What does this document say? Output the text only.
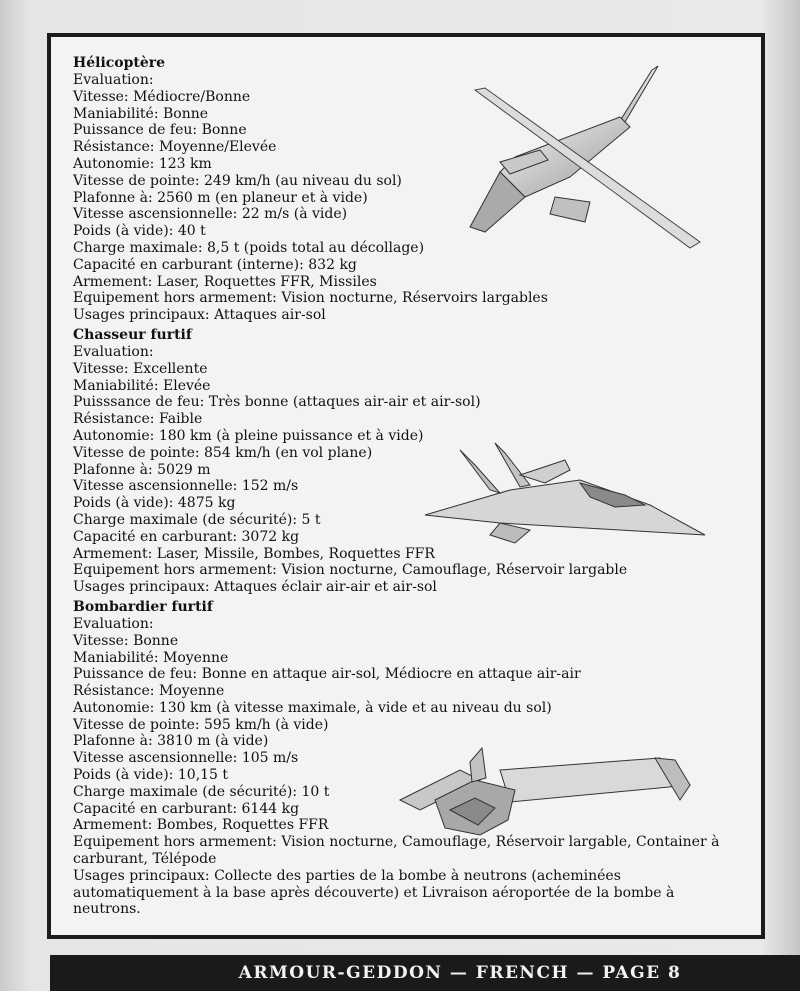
Hélicoptère

Evaluation:

Vitesse: Médiocre/Bonne

Maniabilité: Bonne

Puissance de feu: Bonne

Résistance: Moyenne/Elevée

Autonomie: 123 km

Vitesse de pointe: 249 km/h (au niveau du sol)

Plafonne à: 2560 m (en planeur et à vide)

Vitesse ascensionnelle: 22 m/s (à vide)

Poids (à vide): 40 t

Charge maximale: 8,5 t (poids total au décollage)

Capacité en carburant (interne): 832 kg

Armement: Laser, Roquettes FFR, Missiles

Equipement hors armement: Vision nocturne, Réservoirs largables

Usages principaux: Attaques air-sol

Chasseur furtif

Evaluation:

Vitesse: Excellente

Maniabilité: Elevée

Puisssance de feu: Très bonne (attaques air-air et air-sol)

Résistance: Faible

Autonomie: 180 km (à pleine puissance et à vide)

Vitesse de pointe: 854 km/h (en vol plane)

Plafonne à: 5029 m

Vitesse ascensionnelle: 152 m/s

Poids (à vide): 4875 kg

Charge maximale (de sécurité): 5 t

Capacité en carburant: 3072 kg

Armement: Laser, Missile, Bombes, Roquettes FFR

Equipement hors armement: Vision nocturne, Camouflage, Réservoir largable

Usages principaux: Attaques éclair air-air et air-sol

Bombardier furtif

Evaluation:

Vitesse: Bonne

Maniabilité: Moyenne

Puissance de feu: Bonne en attaque air-sol, Médiocre en attaque air-air

Résistance: Moyenne

Autonomie: 130 km (à vitesse maximale, à vide et au niveau du sol)

Vitesse de pointe: 595 km/h (à vide)

Plafonne à: 3810 m (à vide)

Vitesse ascensionnelle: 105 m/s

Poids (à vide): 10,15 t

Charge maximale (de sécurité): 10 t

Capacité en carburant: 6144 kg

Armement: Bombes, Roquettes FFR

Equipement hors armement: Vision nocturne, Camouflage, Réservoir largable, Container à carburant, Télépode

Usages principaux: Collecte des parties de la bombe à neutrons (acheminées automatiquement à la base après découverte) et Livraison aéroportée de la bombe à neutrons.

ARMOUR-GEDDON — FRENCH — PAGE 8
